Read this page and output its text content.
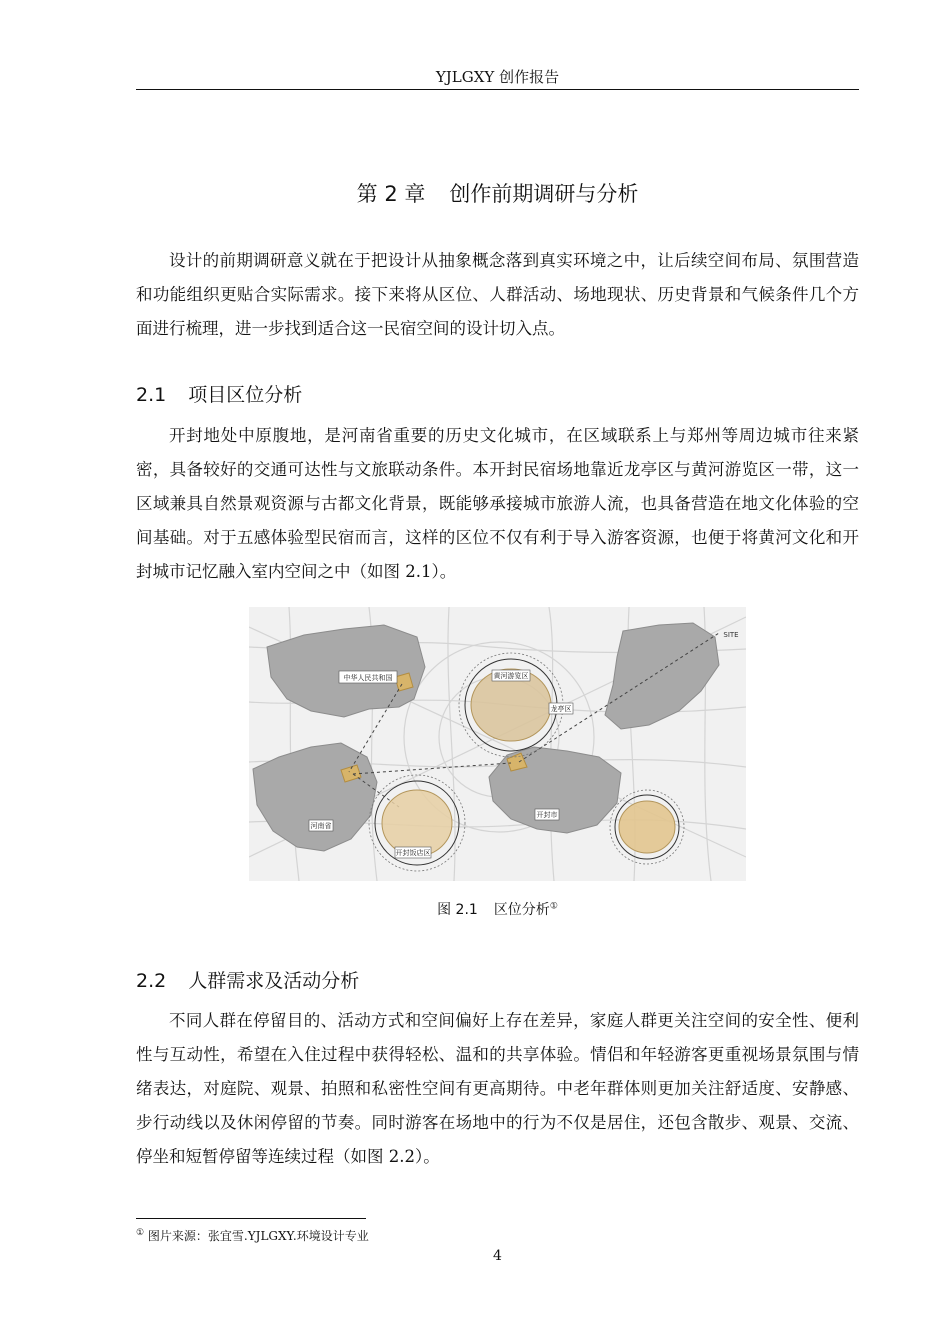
YJLGXY 创作报告
第 2 章 创作前期调研与分析

设计的前期调研意义就在于把设计从抽象概念落到真实环境之中，让后续空间布局、氛围营造和功能组织更贴合实际需求。接下来将从区位、人群活动、场地现状、历史背景和气候条件几个方面进行梳理，进一步找到适合这一民宿空间的设计切入点。

2.1 项目区位分析

开封地处中原腹地，是河南省重要的历史文化城市，在区域联系上与郑州等周边城市往来紧密，具备较好的交通可达性与文旅联动条件。本开封民宿场地靠近龙亭区与黄河游览区一带，这一区域兼具自然景观资源与古都文化背景，既能够承接城市旅游人流，也具备营造在地文化体验的空间基础。对于五感体验型民宿而言，这样的区位不仅有利于导入游客资源，也便于将黄河文化和开封城市记忆融入室内空间之中（如图 2.1）。

中华人民共和国
河南省
开封市
SITE
黄河游览区
龙亭区
开封饭店区
图 2.1 区位分析①
2.2 人群需求及活动分析

不同人群在停留目的、活动方式和空间偏好上存在差异，家庭人群更关注空间的安全性、便利性与互动性，希望在入住过程中获得轻松、温和的共享体验。情侣和年轻游客更重视场景氛围与情绪表达，对庭院、观景、拍照和私密性空间有更高期待。中老年群体则更加关注舒适度、安静感、步行动线以及休闲停留的节奏。同时游客在场地中的行为不仅是居住，还包含散步、观景、交流、停坐和短暂停留等连续过程（如图 2.2）。

① 图片来源：张宜雪.YJLGXY.环境设计专业
4
